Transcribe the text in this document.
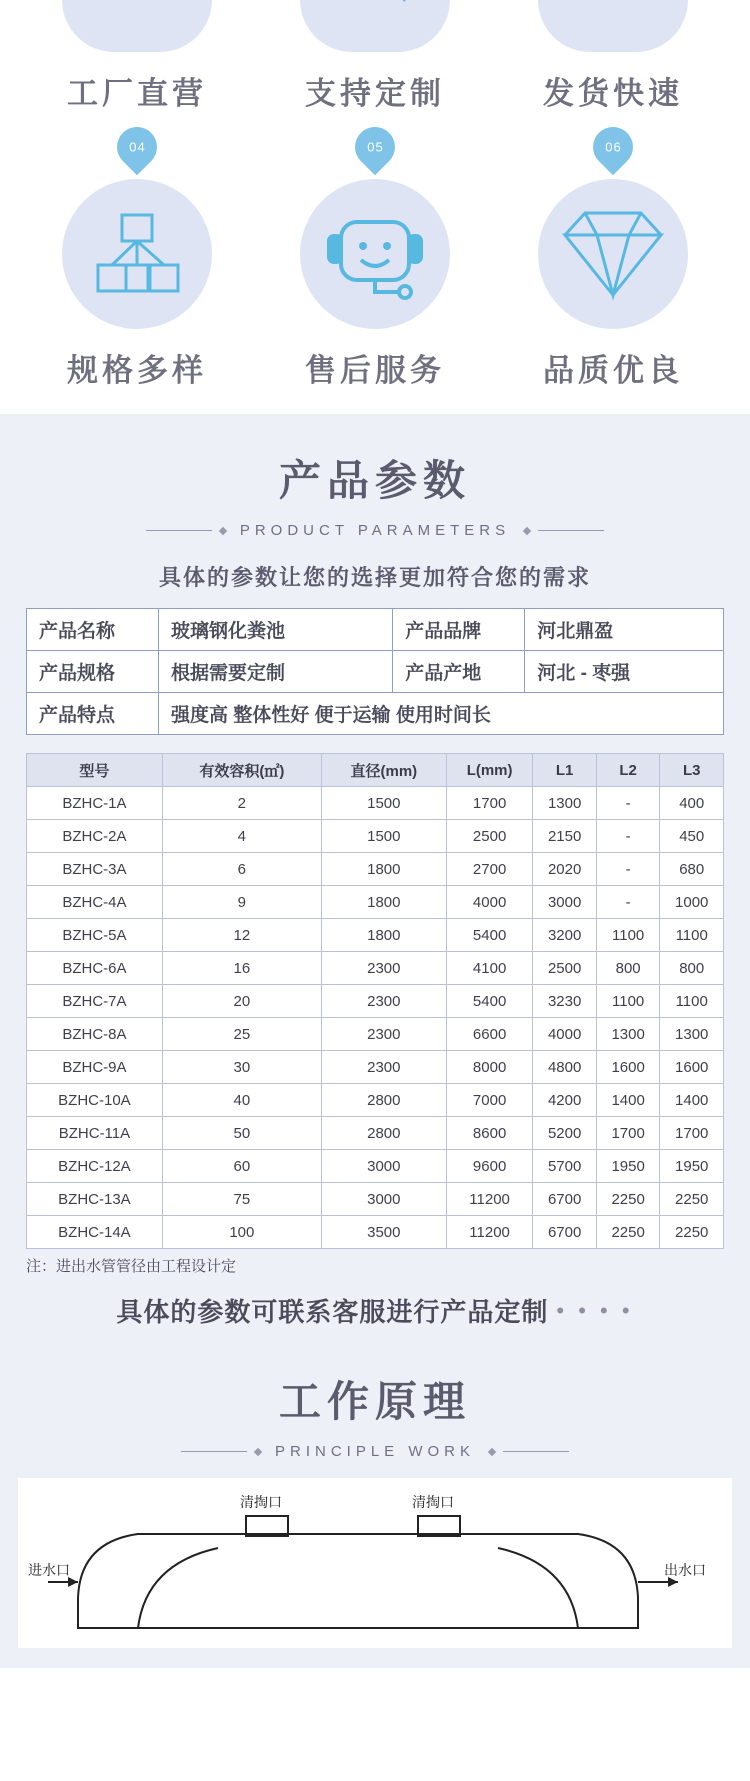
工厂直营	支持定制	发货快速
04	05	06
规格多样	售后服务	品质优良
产品参数
PRODUCT PARAMETERS
具体的参数让您的选择更加符合您的需求
产品名称	玻璃钢化粪池	产品品牌	河北鼎盈
产品规格	根据需要定制	产品产地	河北 - 枣强
产品特点	强度高 整体性好 便于运输 使用时间长		
型号	有效容积(㎡)	直径(mm)	L(mm)	L1	L2	L3
BZHC-1A	2	1500	1700	1300	-	400
BZHC-2A	4	1500	2500	2150	-	450
BZHC-3A	6	1800	2700	2020	-	680
BZHC-4A	9	1800	4000	3000	-	1000
BZHC-5A	12	1800	5400	3200	1100	1100
BZHC-6A	16	2300	4100	2500	800	800
BZHC-7A	20	2300	5400	3230	1100	1100
BZHC-8A	25	2300	6600	4000	1300	1300
BZHC-9A	30	2300	8000	4800	1600	1600
BZHC-10A	40	2800	7000	4200	1400	1400
BZHC-11A	50	2800	8600	5200	1700	1700
BZHC-12A	60	3000	9600	5700	1950	1950
BZHC-13A	75	3000	11200	6700	2250	2250
BZHC-14A	100	3500	11200	6700	2250	2250
注：进出水管管径由工程设计定
具体的参数可联系客服进行产品定制 • • • •
工作原理
PRINCIPLE WORK
清掏口	清掏口
进水口	出水口
